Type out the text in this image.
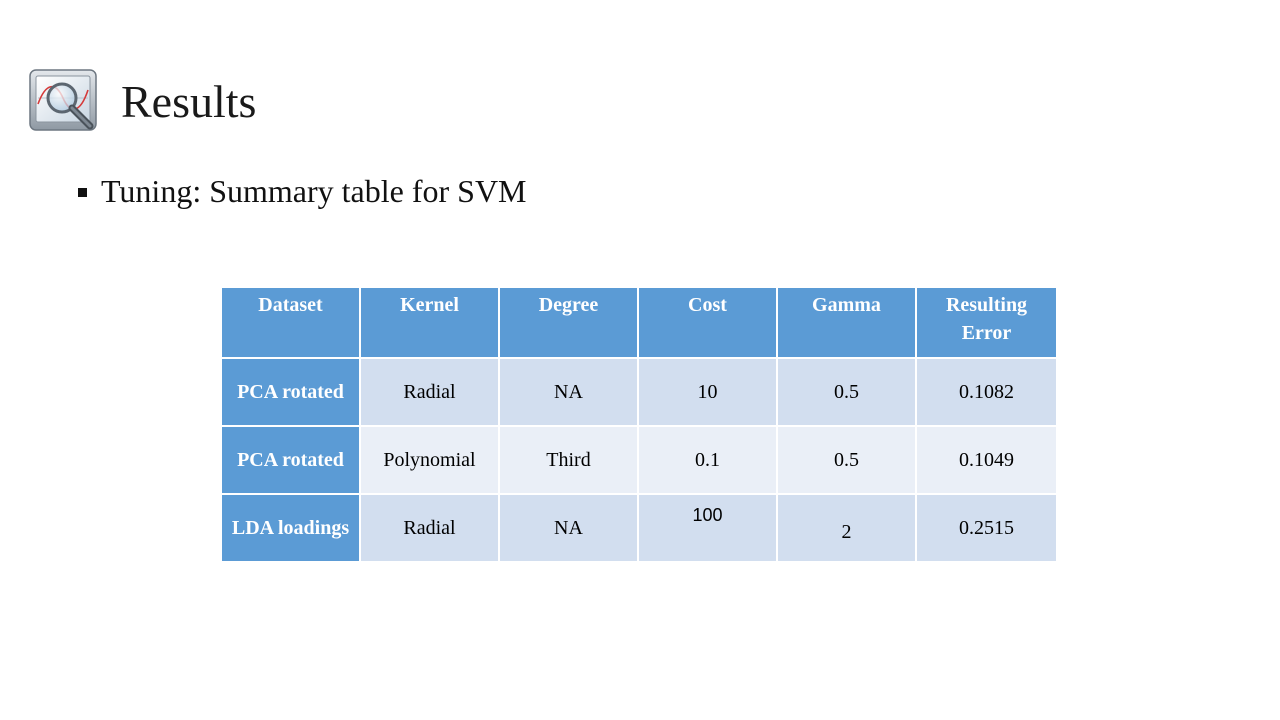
Results
Tuning: Summary table for SVM
Dataset	Kernel	Degree	Cost	Gamma	Resulting Error
PCA rotated	Radial	NA	10	0.5	0.1082
PCA rotated	Polynomial	Third	0.1	0.5	0.1049
LDA loadings	Radial	NA	100	2	0.2515
